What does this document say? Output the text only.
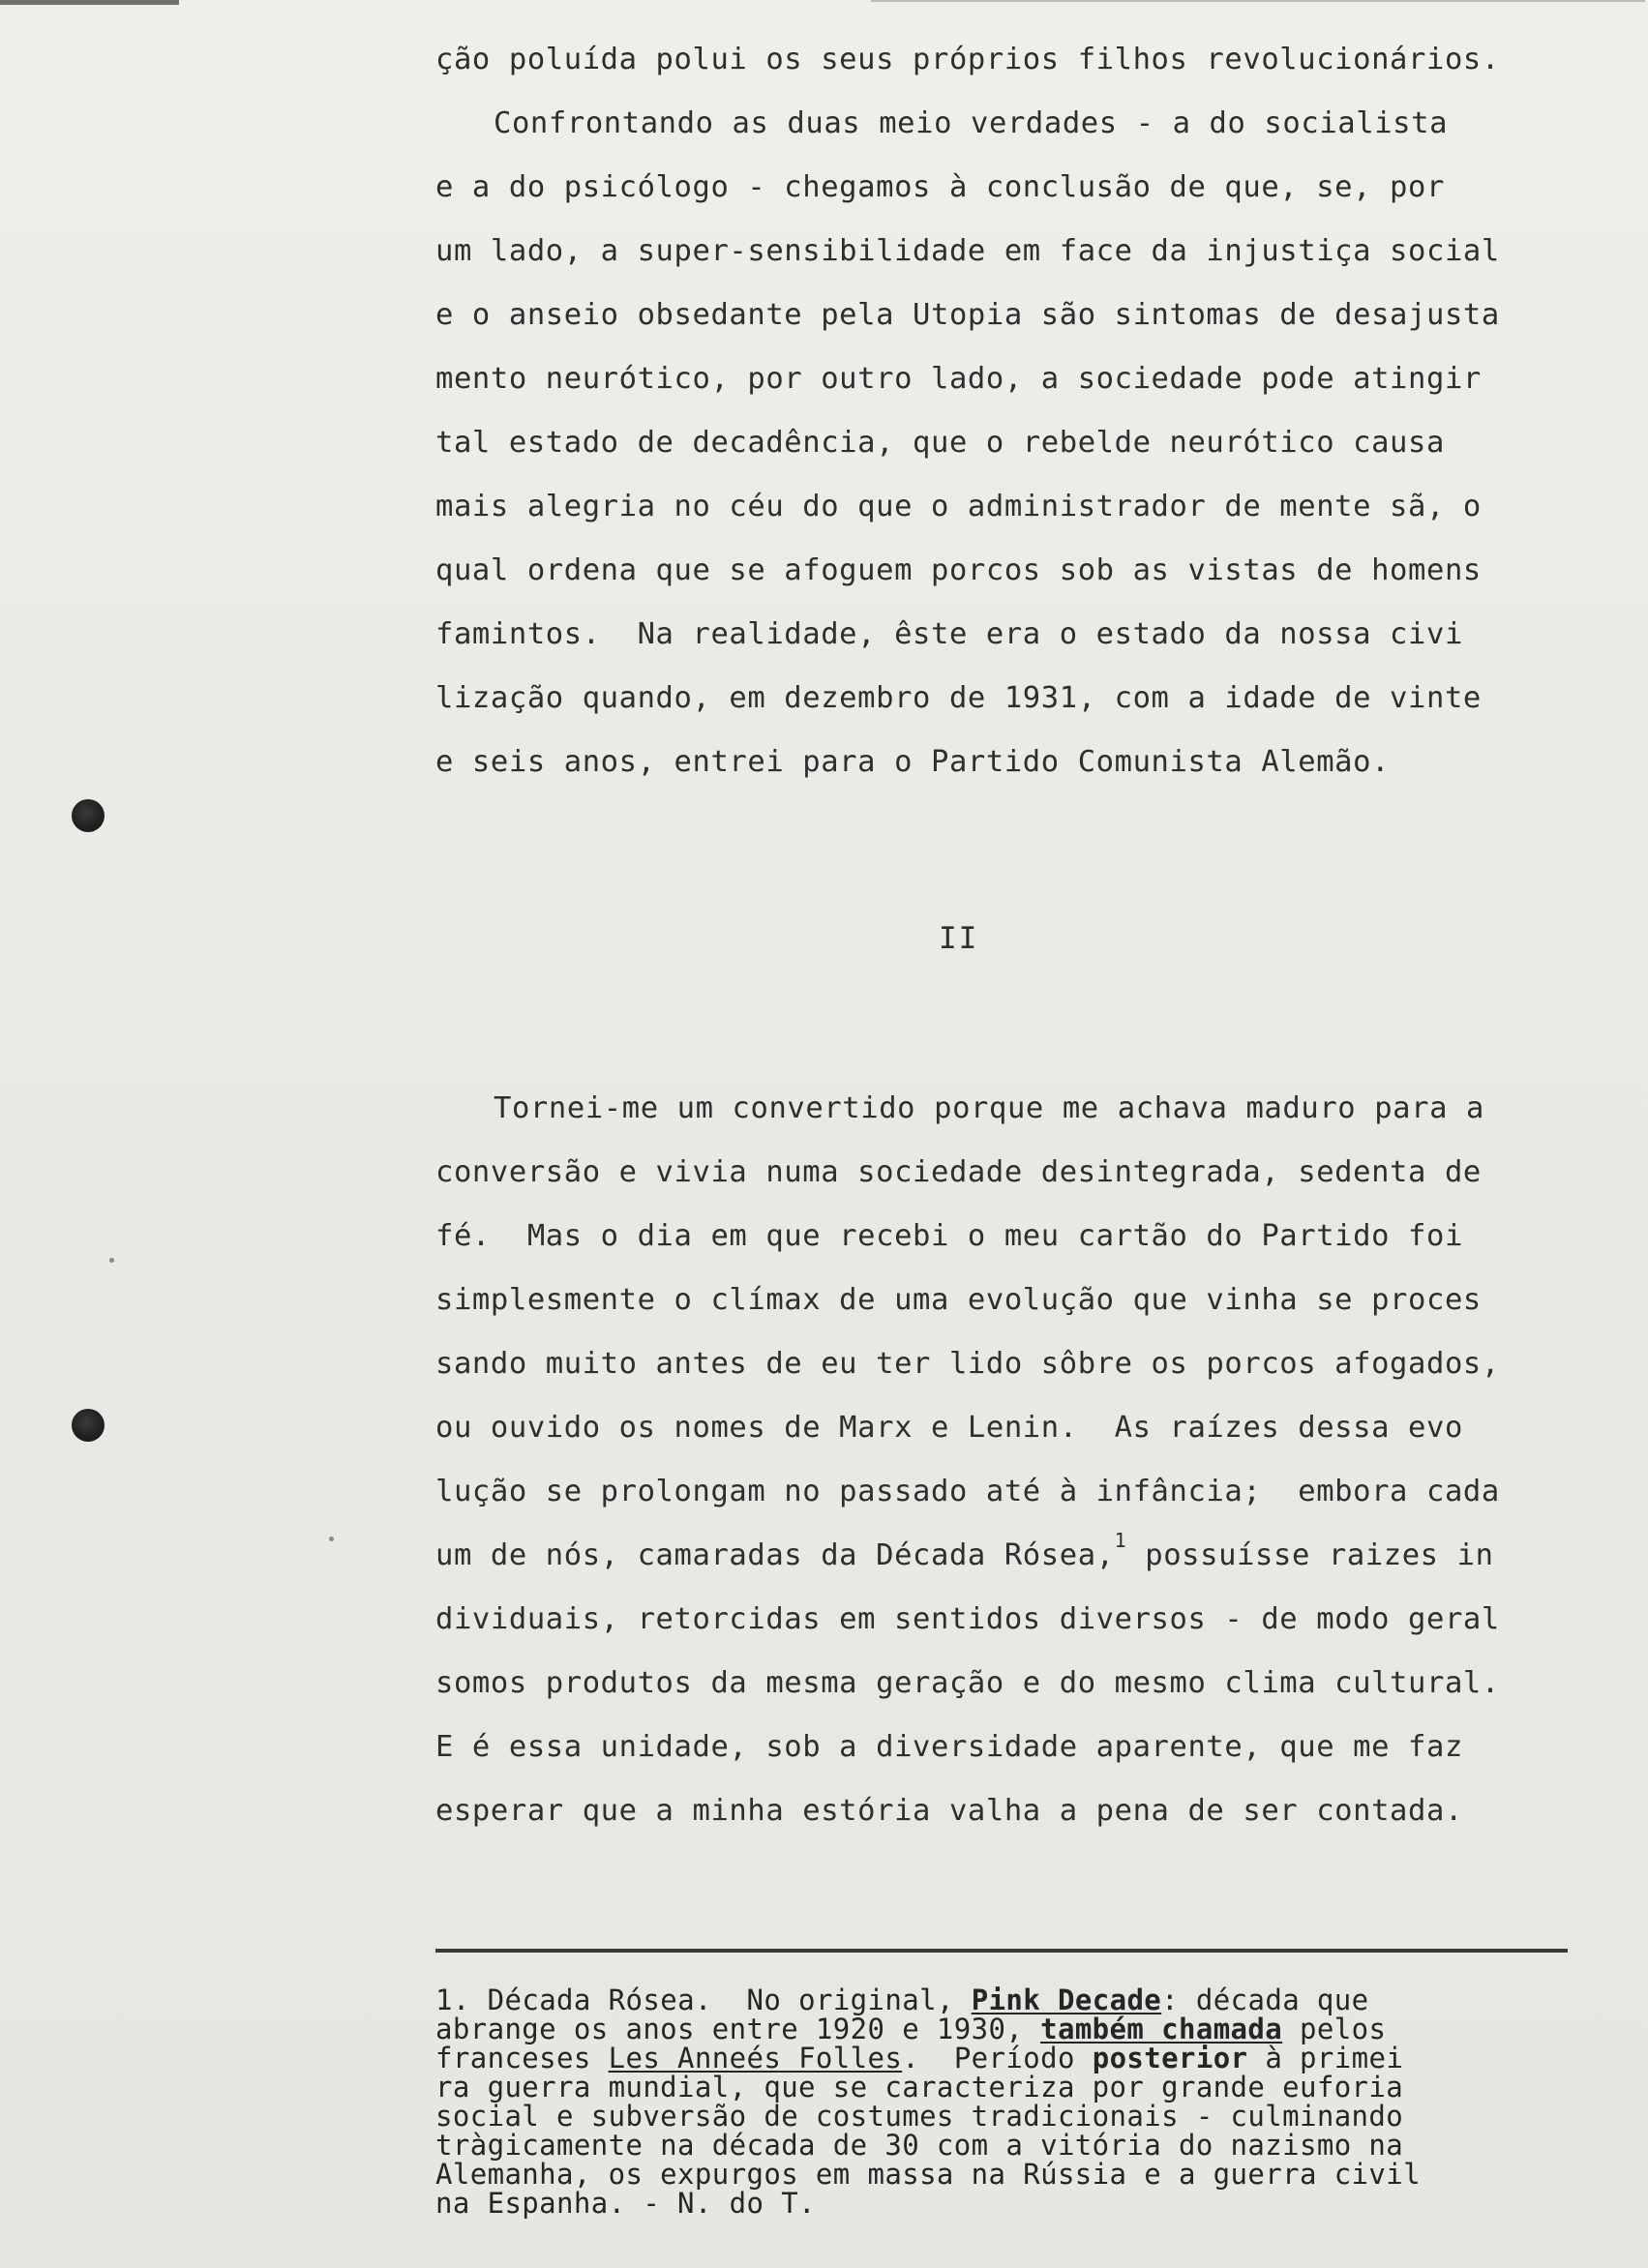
ção poluída polui os seus próprios filhos revolucionários.
Confrontando as duas meio verdades - a do socialista
e a do psicólogo - chegamos à conclusão de que, se, por
um lado, a super-sensibilidade em face da injustiça social
e o anseio obsedante pela Utopia são sintomas de desajusta
mento neurótico, por outro lado, a sociedade pode atingir
tal estado de decadência, que o rebelde neurótico causa
mais alegria no céu do que o administrador de mente sã, o
qual ordena que se afoguem porcos sob as vistas de homens
famintos.  Na realidade, êste era o estado da nossa civi
lização quando, em dezembro de 1931, com a idade de vinte
e seis anos, entrei para o Partido Comunista Alemão.
II
Tornei-me um convertido porque me achava maduro para a
conversão e vivia numa sociedade desintegrada, sedenta de
fé.  Mas o dia em que recebi o meu cartão do Partido foi
simplesmente o clímax de uma evolução que vinha se proces
sando muito antes de eu ter lido sôbre os porcos afogados,
ou ouvido os nomes de Marx e Lenin.  As raízes dessa evo
lução se prolongam no passado até à infância;  embora cada
um de nós, camaradas da Década Rósea,$^1$ possuísse raizes in
dividuais, retorcidas em sentidos diversos - de modo geral
somos produtos da mesma geração e do mesmo clima cultural.
E é essa unidade, sob a diversidade aparente, que me faz
esperar que a minha estória valha a pena de ser contada.
1. Década Rósea.  No original, Pink Decade: década que
abrange os anos entre 1920 e 1930, também chamada pelos
franceses Les Anneés Folles.  Período posterior à primei
ra guerra mundial, que se caracteriza por grande euforia
social e subversão de costumes tradicionais - culminando
tràgicamente na década de 30 com a vitória do nazismo na
Alemanha, os expurgos em massa na Rússia e a guerra civil
na Espanha. - N. do T.
